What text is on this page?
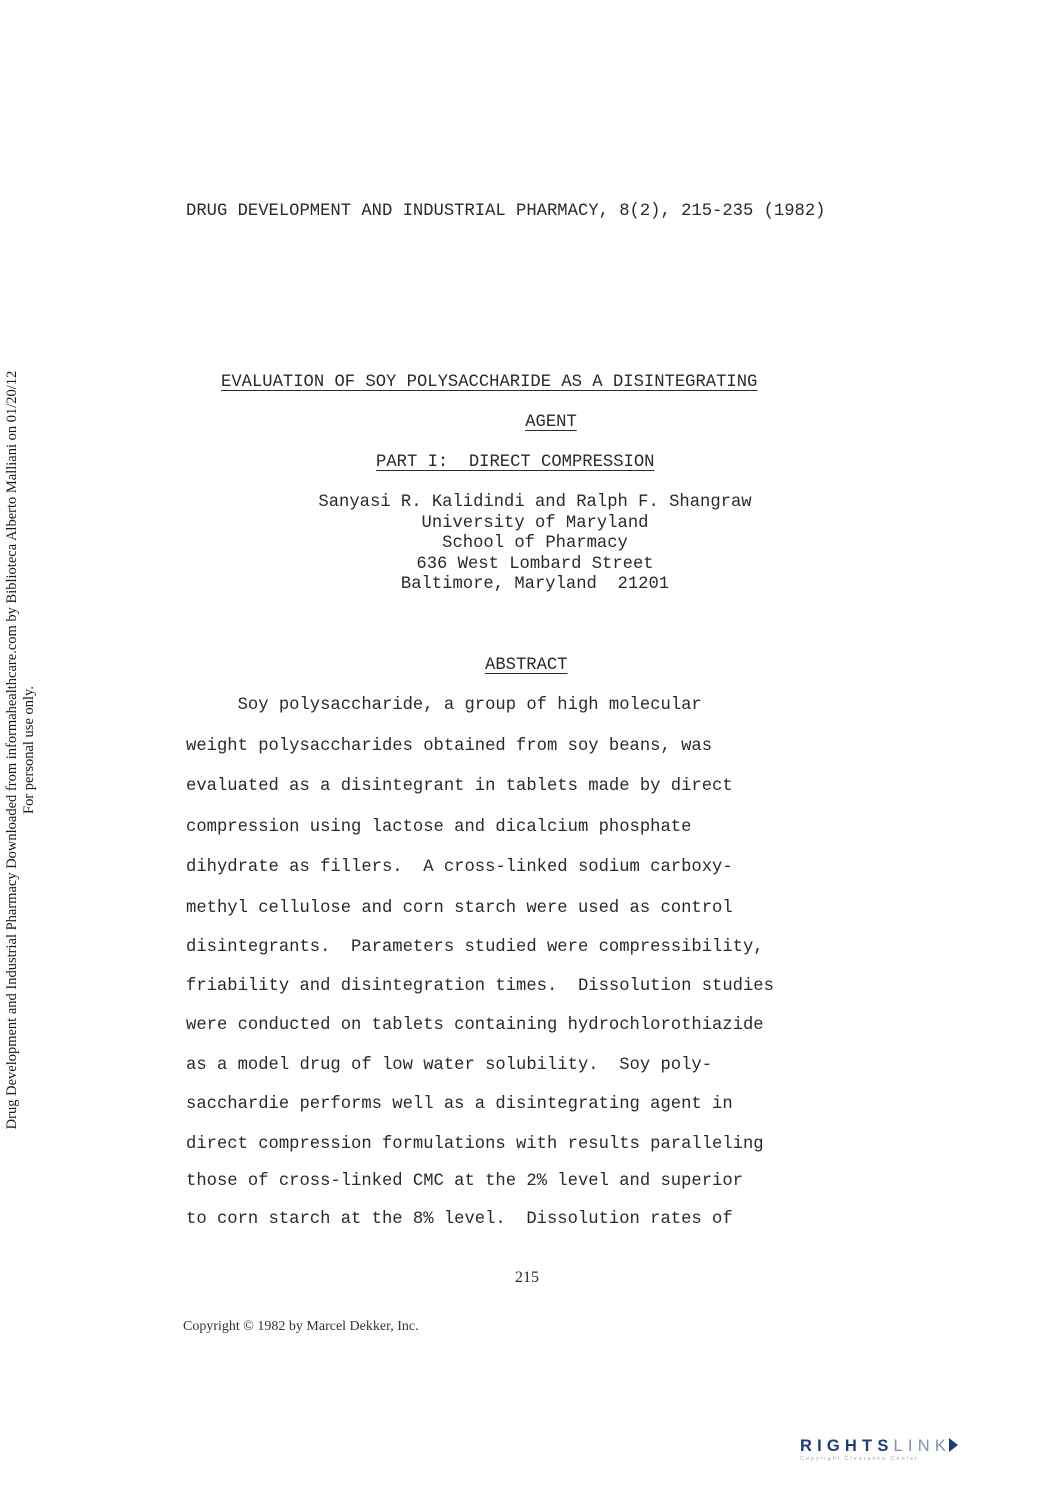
Drug Development and Industrial Pharmacy Downloaded from informahealthcare.com by Biblioteca Alberto Malliani on 01/20/12 For personal use only.
DRUG DEVELOPMENT AND INDUSTRIAL PHARMACY, 8(2), 215-235 (1982)
EVALUATION OF SOY POLYSACCHARIDE AS A DISINTEGRATING
AGENT
PART I:  DIRECT COMPRESSION
Sanyasi R. Kalidindi and Ralph F. Shangraw
University of Maryland
School of Pharmacy
636 West Lombard Street
Baltimore, Maryland  21201
ABSTRACT
Soy polysaccharide, a group of high molecular
weight polysaccharides obtained from soy beans, was
evaluated as a disintegrant in tablets made by direct
compression using lactose and dicalcium phosphate
dihydrate as fillers.  A cross-linked sodium carboxy-
methyl cellulose and corn starch were used as control
disintegrants.  Parameters studied were compressibility,
friability and disintegration times.  Dissolution studies
were conducted on tablets containing hydrochlorothiazide
as a model drug of low water solubility.  Soy poly-
sacchardie performs well as a disintegrating agent in
direct compression formulations with results paralleling
those of cross-linked CMC at the 2% level and superior
to corn starch at the 8% level.  Dissolution rates of
215
Copyright © 1982 by Marcel Dekker, Inc.
RIGHTSLINK
Copyright Clearance Center
